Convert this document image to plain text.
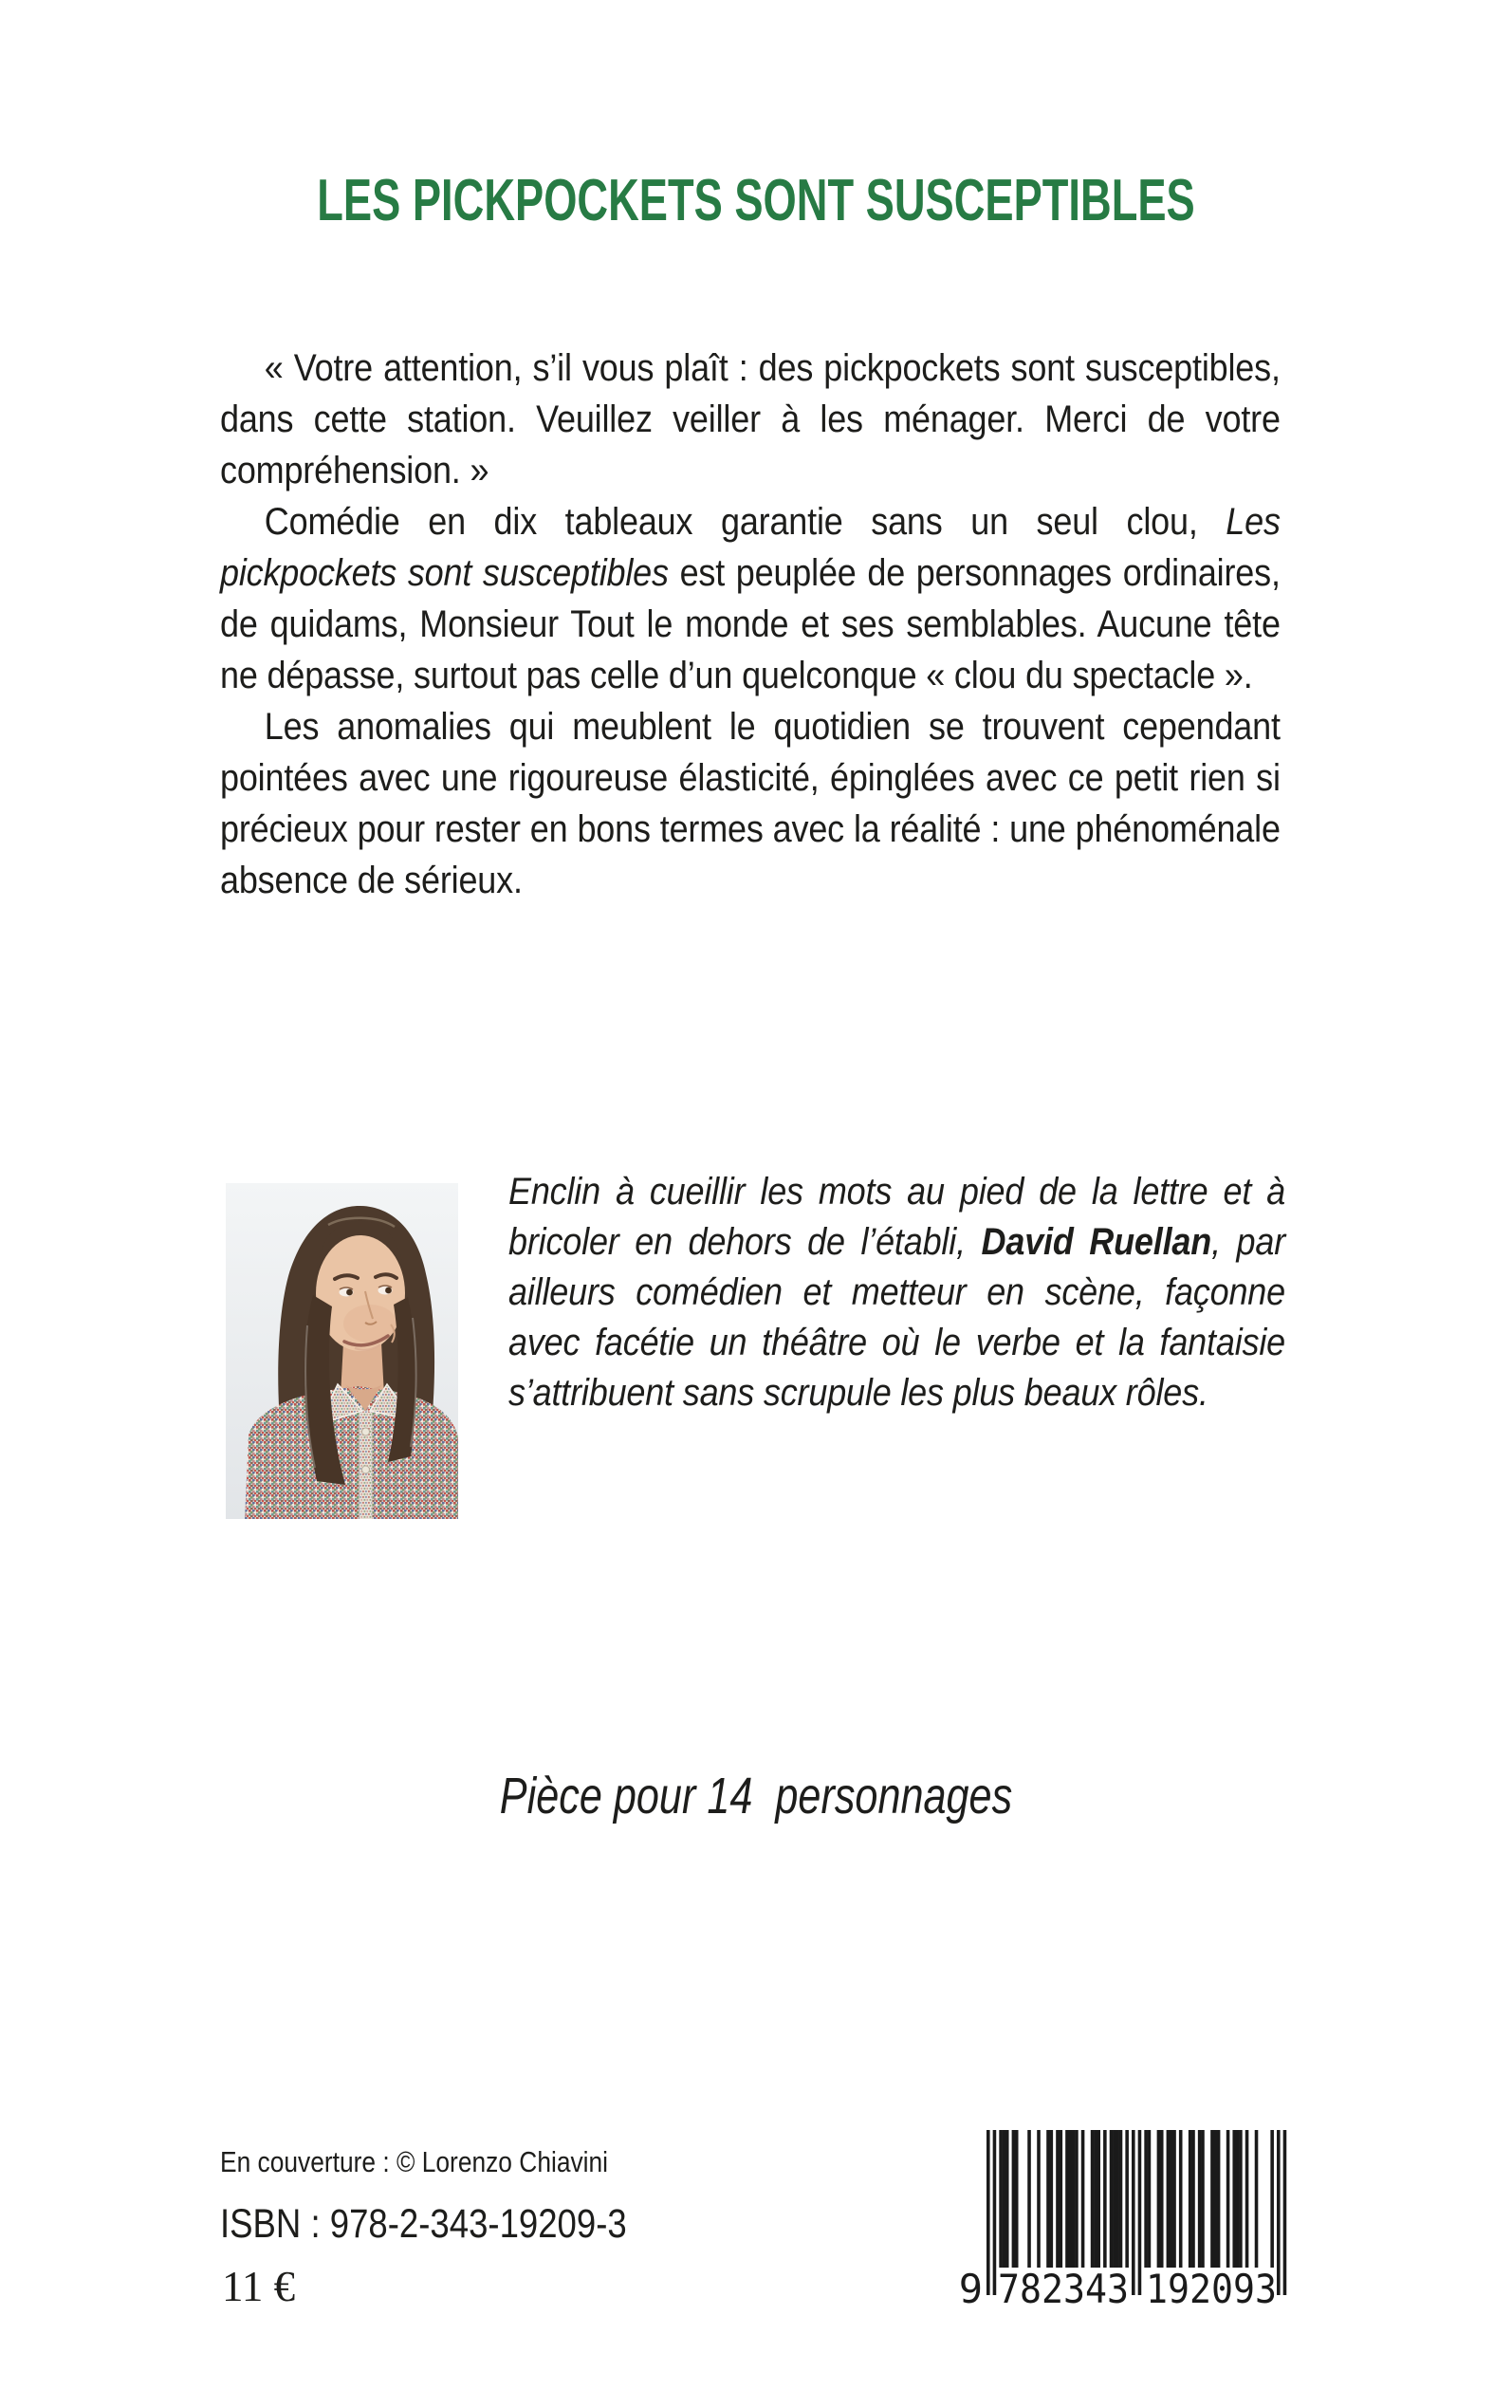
LES PICKPOCKETS SONT SUSCEPTIBLES

« Votre attention, s’il vous plaît : des pickpockets sont susceptibles, dans cette station. Veuillez veiller à les ménager. Merci de votre compréhension. »

Comédie en dix tableaux garantie sans un seul clou, Les pickpockets sont susceptibles est peuplée de personnages ordinaires, de quidams, Monsieur Tout le monde et ses semblables. Aucune tête ne dépasse, surtout pas celle d’un quelconque « clou du spectacle ».

Les anomalies qui meublent le quotidien se trouvent cependant pointées avec une rigoureuse élasticité, épinglées avec ce petit rien si précieux pour rester en bons termes avec la réalité : une phénoménale absence de sérieux.

Enclin à cueillir les mots au pied de la lettre et à bricoler en dehors de l’établi, David Ruellan, par ailleurs comédien et metteur en scène, façonne avec facétie un théâtre où le verbe et la fantaisie s’attribuent sans scrupule les plus beaux rôles.
Pièce pour 14  personnages
En couverture : © Lorenzo Chiavini
ISBN : 978-2-343-19209-3
11 €	9 782343 192093
